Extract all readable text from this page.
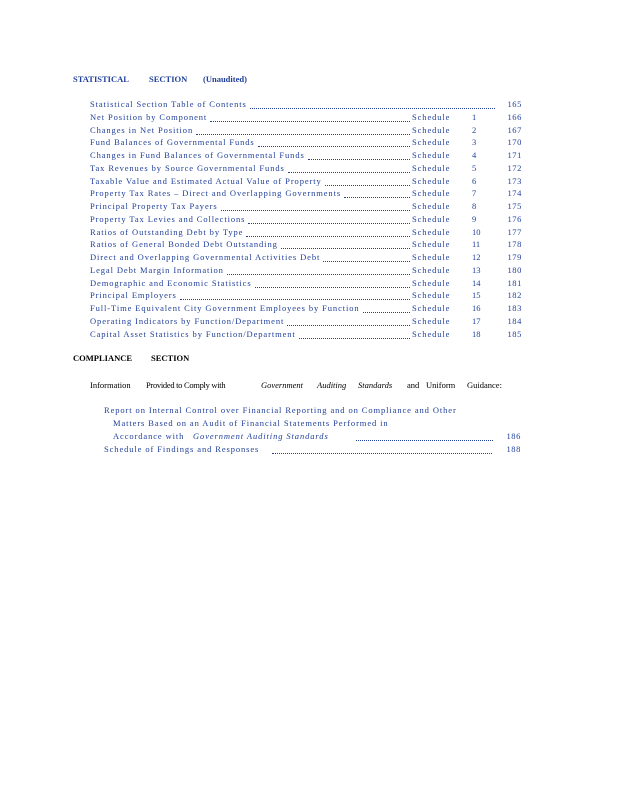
STATISTICAL SECTION (Unaudited)
Statistical Section Table of Contents	165
Net Position by Component	Schedule	1	166
Changes in Net Position	Schedule	2	167
Fund Balances of Governmental Funds	Schedule	3	170
Changes in Fund Balances of Governmental Funds	Schedule	4	171
Tax Revenues by Source Governmental Funds	Schedule	5	172
Taxable Value and Estimated Actual Value of Property	Schedule	6	173
Property Tax Rates – Direct and Overlapping Governments	Schedule	7	174
Principal Property Tax Payers	Schedule	8	175
Property Tax Levies and Collections	Schedule	9	176
Ratios of Outstanding Debt by Type	Schedule	10	177
Ratios of General Bonded Debt Outstanding	Schedule	11	178
Direct and Overlapping Governmental Activities Debt	Schedule	12	179
Legal Debt Margin Information	Schedule	13	180
Demographic and Economic Statistics	Schedule	14	181
Principal Employers	Schedule	15	182
Full-Time Equivalent City Government Employees by Function	Schedule	16	183
Operating Indicators by Function/Department	Schedule	17	184
Capital Asset Statistics by Function/Department	Schedule	18	185
COMPLIANCE SECTION
Information Provided to Comply with	Government Auditing Standards and Uniform Guidance:
Report on Internal Control over Financial Reporting and on Compliance and Other
Matters Based on an Audit of Financial Statements Performed in
Accordance with Government Auditing Standards	186
Schedule of Findings and Responses	188
